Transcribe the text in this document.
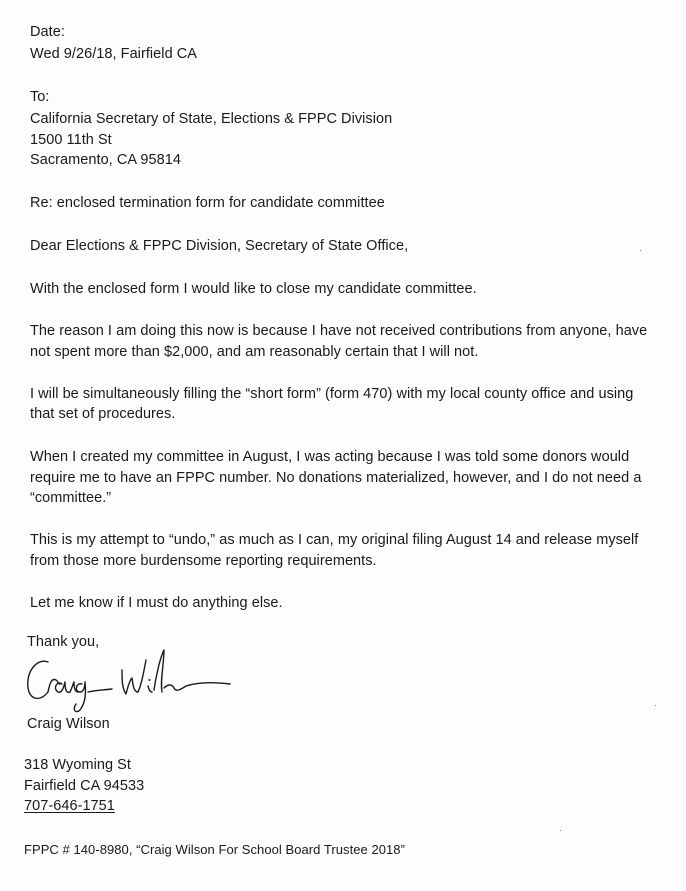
Date:
Wed 9/26/18, Fairfield CA
To:
California Secretary of State, Elections & FPPC Division
1500 11th St
Sacramento, CA 95814
Re: enclosed termination form for candidate committee
Dear Elections & FPPC Division, Secretary of State Office,
With the enclosed form I would like to close my candidate committee.
The reason I am doing this now is because I have not received contributions from anyone, have
not spent more than $2,000, and am reasonably certain that I will not.
I will be simultaneously filling the “short form” (form 470) with my local county office and using
that set of procedures.
When I created my committee in August, I was acting because I was told some donors would
require me to have an FPPC number. No donations materialized, however, and I do not need a
“committee.”
This is my attempt to “undo,” as much as I can, my original filing August 14 and release myself
from those more burdensome reporting requirements.
Let me know if I must do anything else.
Thank you,
Craig Wilson
318 Wyoming St
Fairfield CA 94533
707-646-1751
FPPC # 140-8980, “Craig Wilson For School Board Trustee 2018”
